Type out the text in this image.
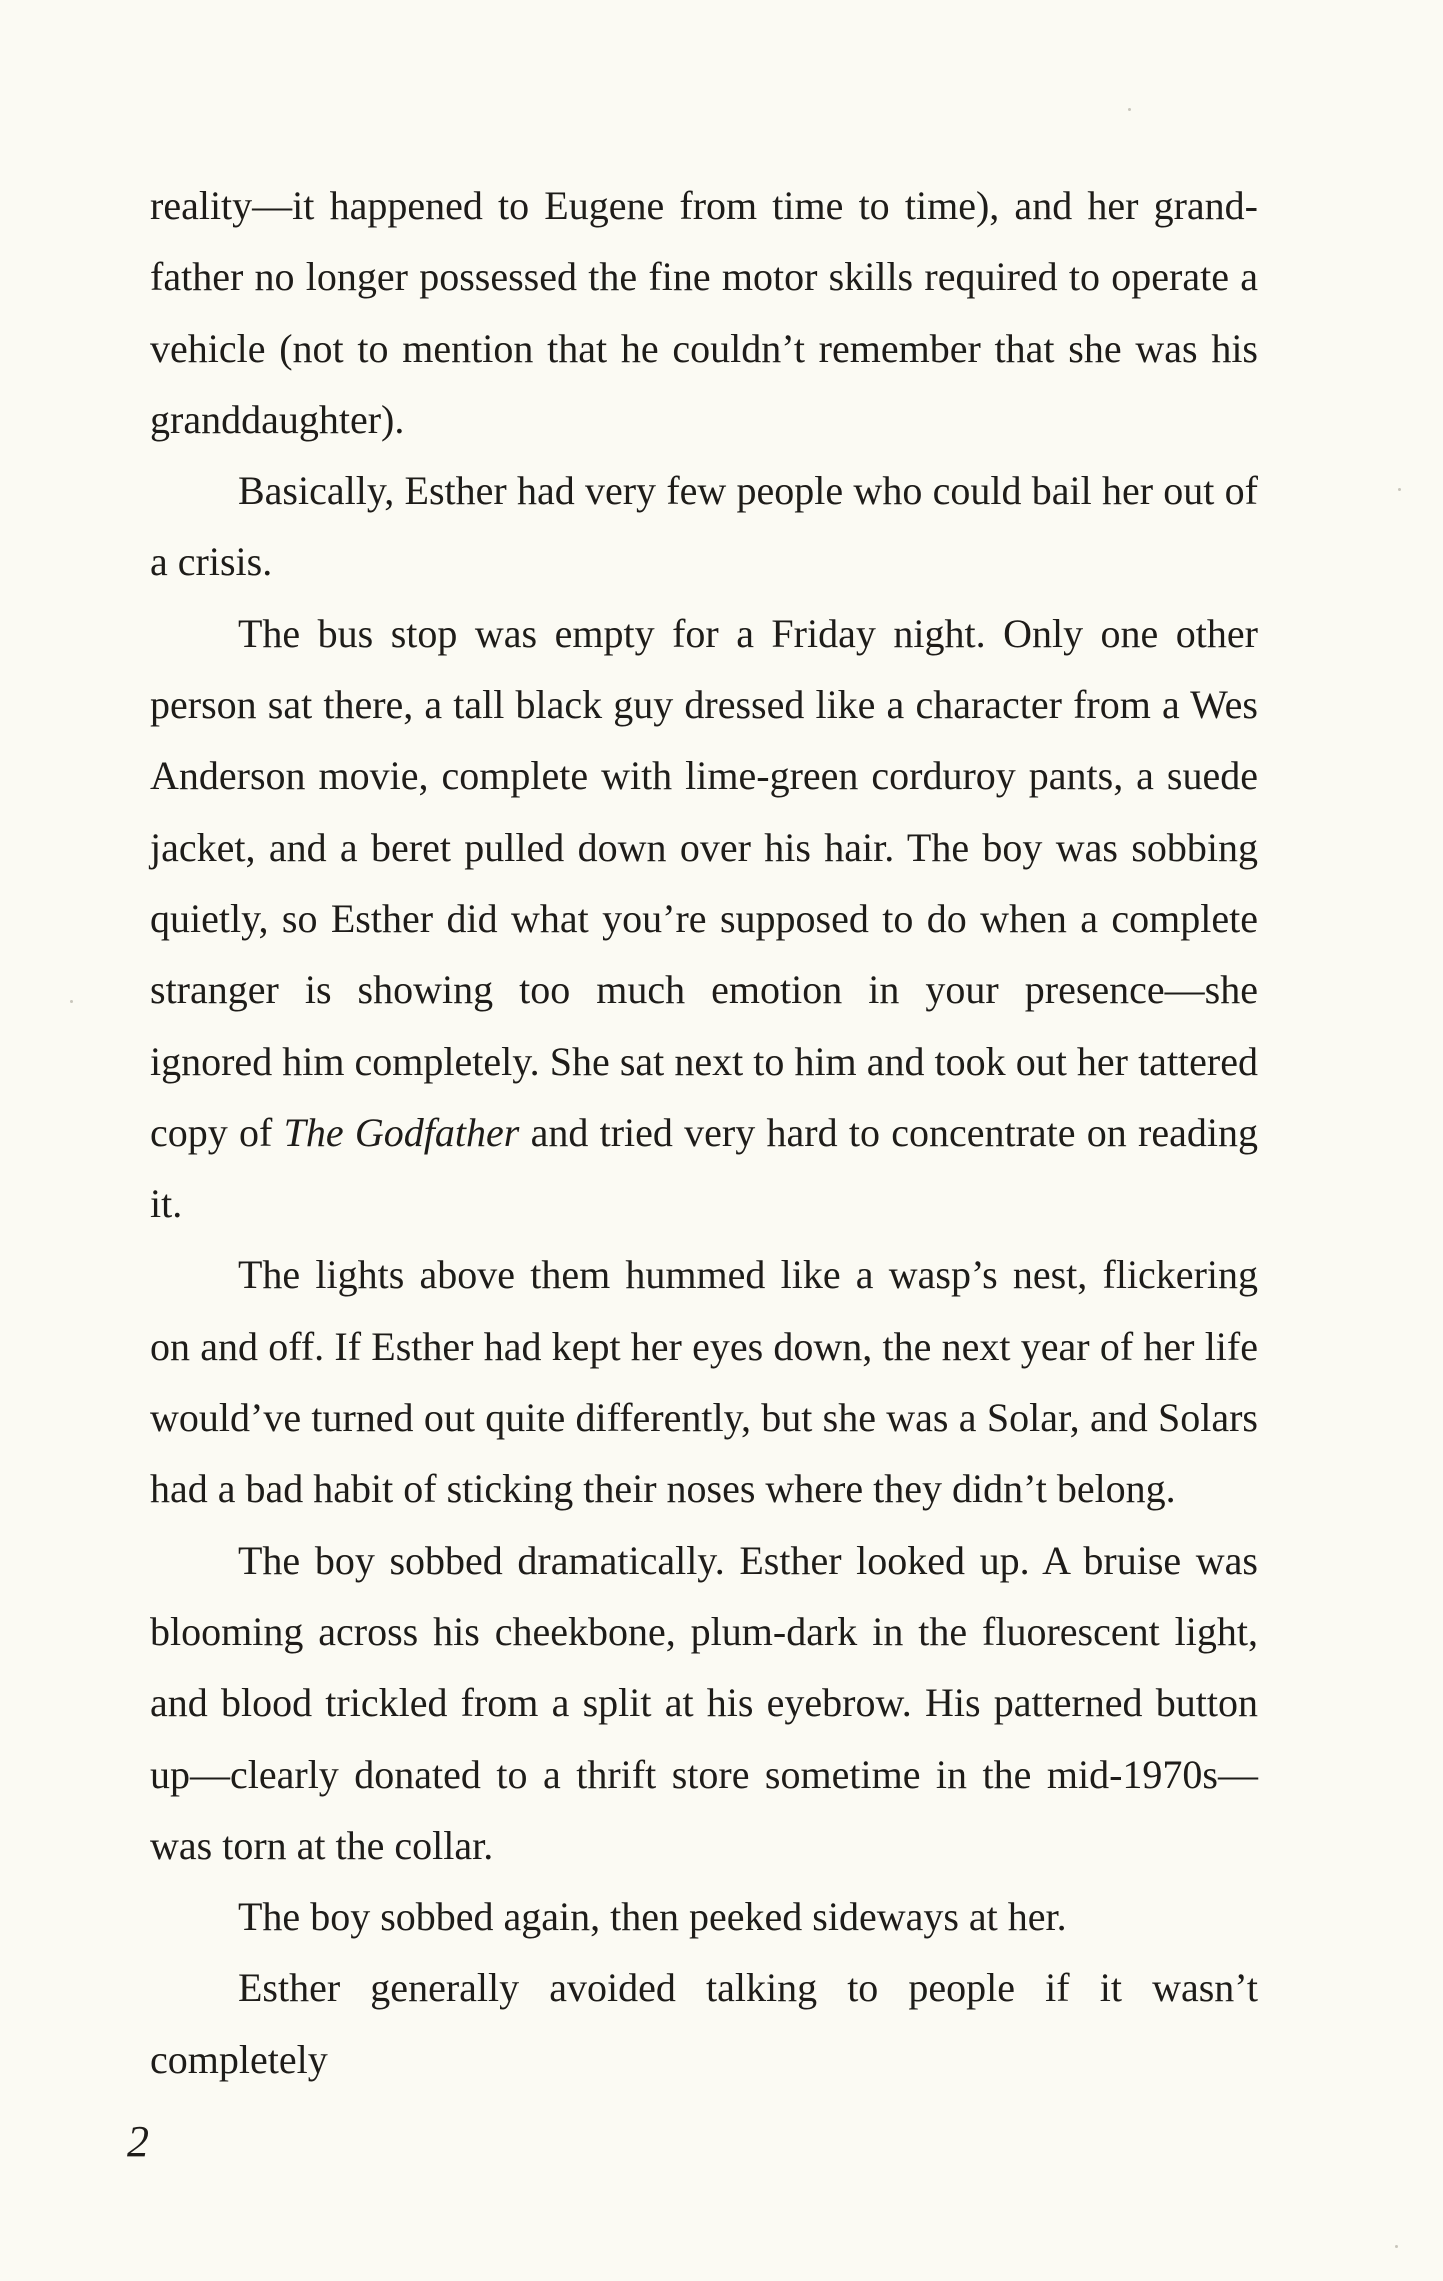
reality—it happened to Eugene from time to time), and her grand-father no longer possessed the fine motor skills required to operate a vehicle (not to mention that he couldn’t remember that she was his granddaughter).

Basically, Esther had very few people who could bail her out of a crisis.

The bus stop was empty for a Friday night. Only one other person sat there, a tall black guy dressed like a character from a Wes Anderson movie, complete with lime-green corduroy pants, a suede jacket, and a beret pulled down over his hair. The boy was sobbing quietly, so Esther did what you’re supposed to do when a complete stranger is showing too much emotion in your presence—she ignored him completely. She sat next to him and took out her tattered copy of The Godfather and tried very hard to concentrate on reading it.

The lights above them hummed like a wasp’s nest, flickering on and off. If Esther had kept her eyes down, the next year of her life would’ve turned out quite differently, but she was a Solar, and Solars had a bad habit of sticking their noses where they didn’t belong.

The boy sobbed dramatically. Esther looked up. A bruise was blooming across his cheekbone, plum-dark in the fluorescent light, and blood trickled from a split at his eyebrow. His patterned button up—clearly donated to a thrift store sometime in the mid-1970s—was torn at the collar.

The boy sobbed again, then peeked sideways at her.

Esther generally avoided talking to people if it wasn’t completely

2
